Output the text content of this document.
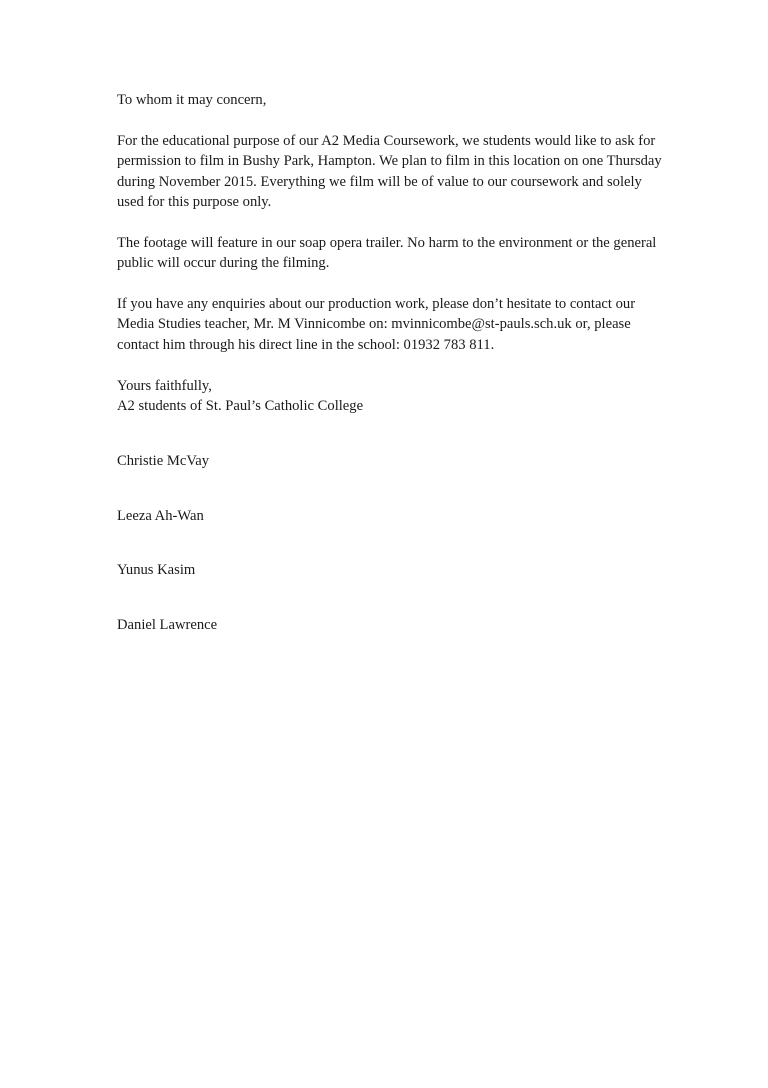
To whom it may concern,

For the educational purpose of our A2 Media Coursework, we students would like to ask for permission to film in Bushy Park, Hampton. We plan to film in this location on one Thursday during November 2015. Everything we film will be of value to our coursework and solely used for this purpose only.

The footage will feature in our soap opera trailer. No harm to the environment or the general public will occur during the filming.

If you have any enquiries about our production work, please don’t hesitate to contact our Media Studies teacher, Mr. M Vinnicombe on: mvinnicombe@st-pauls.sch.uk or, please contact him through his direct line in the school: 01932 783 811.

Yours faithfully,

A2 students of St. Paul’s Catholic College

Christie McVay

Leeza Ah-Wan

Yunus Kasim

Daniel Lawrence
